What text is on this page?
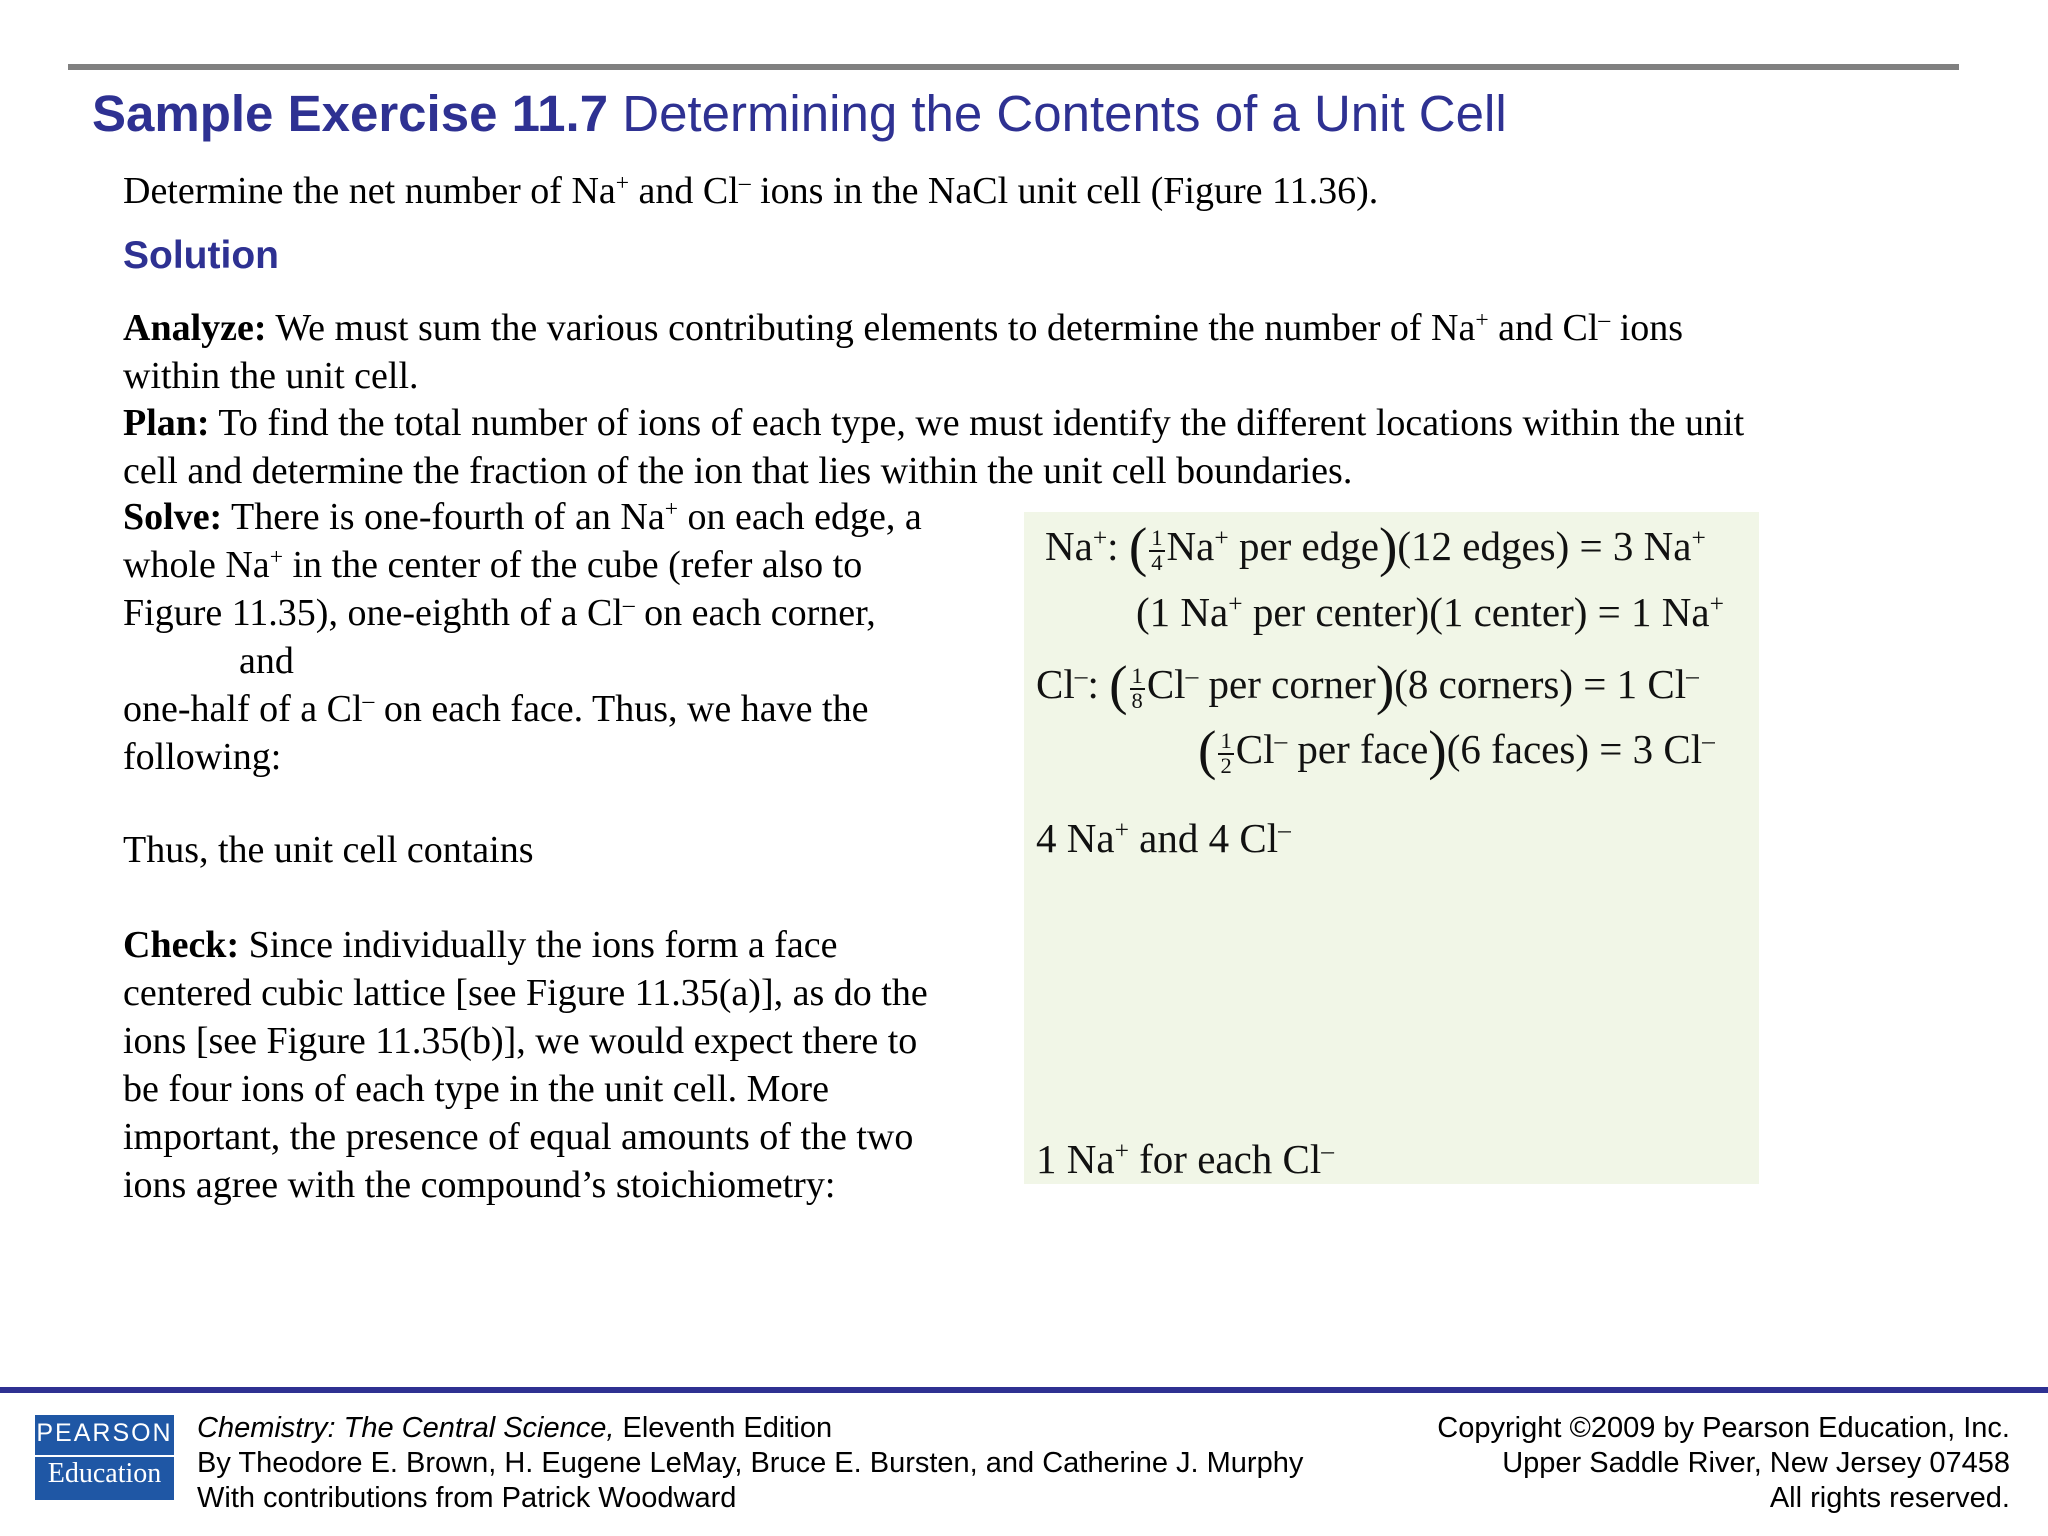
Sample Exercise 11.7 Determining the Contents of a Unit Cell
Determine the net number of Na+ and Cl– ions in the NaCl unit cell (Figure 11.36).
Solution
Analyze: We must sum the various contributing elements to determine the number of Na+ and Cl– ions
within the unit cell.
Plan: To find the total number of ions of each type, we must identify the different locations within the unit
cell and determine the fraction of the ion that lies within the unit cell boundaries.
Solve: There is one-fourth of an Na+ on each edge, a
whole Na+ in the center of the cube (refer also to
Figure 11.35), one-eighth of a Cl– on each corner,
and
one-half of a Cl– on each face. Thus, we have the
following:
Thus, the unit cell contains
Check: Since individually the ions form a face
centered cubic lattice [see Figure 11.35(a)], as do the
ions [see Figure 11.35(b)], we would expect there to
be four ions of each type in the unit cell. More
important, the presence of equal amounts of the two
ions agree with the compound’s stoichiometry:
Na+: ( $\frac{1}{4} Na^+$ per edge)(12 edges) = 3 Na+
(1 Na+ per center)(1 center) = 1 Na+
Cl–: ( $\frac{1}{8} Cl^-$ per corner)(8 corners) = 1 Cl–
( $\frac{1}{2} Cl^-$ per face)(6 faces) = 3 Cl–
4 Na+ and 4 Cl–
1 Na+ for each Cl–
PEARSON
Education
Chemistry: The Central Science, Eleventh Edition
By Theodore E. Brown, H. Eugene LeMay, Bruce E. Bursten, and Catherine J. Murphy
With contributions from Patrick Woodward
Copyright ©2009 by Pearson Education, Inc.
Upper Saddle River, New Jersey 07458
All rights reserved.
